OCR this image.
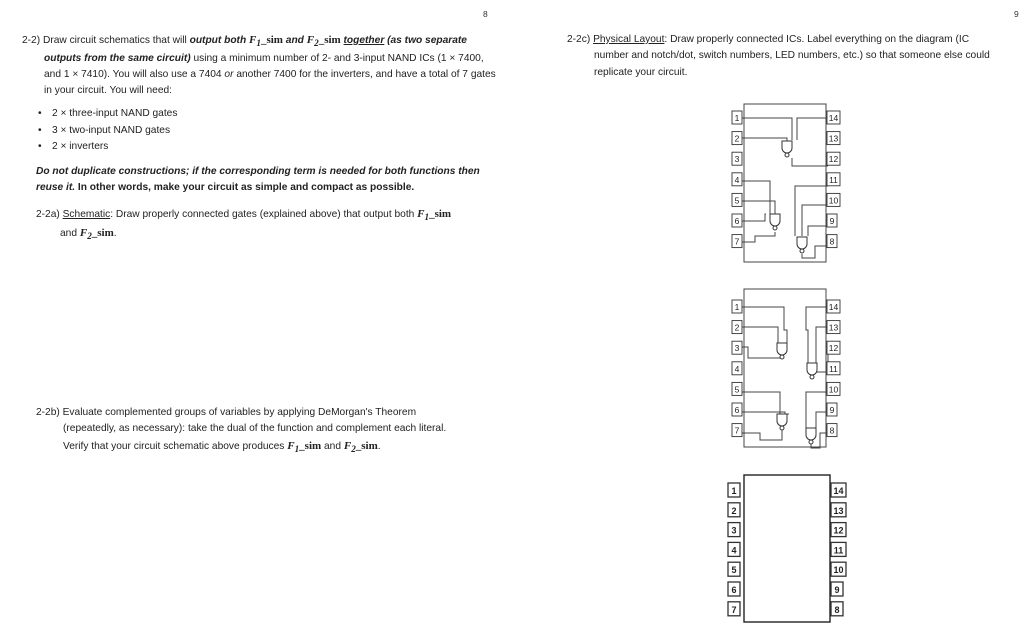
8
2-2) Draw circuit schematics that will output both $F_1\_sim$ and $F_2\_sim$ together (as two separate outputs from the same circuit) using a minimum number of 2- and 3-input NAND ICs (1 × 7400, and 1 × 7410). You will also use a 7404 or another 7400 for the inverters, and have a total of 7 gates in your circuit. You will need:
• 2 × three-input NAND gates
• 3 × two-input NAND gates
• 2 × inverters
Do not duplicate constructions; if the corresponding term is needed for both functions then
reuse it. In other words, make your circuit as simple and compact as possible.
2-2a) Schematic: Draw properly connected gates (explained above) that output both $F_1\_sim$
and $F_2\_sim$.
2-2b) Evaluate complemented groups of variables by applying DeMorgan's Theorem
(repeatedly, as necessary): take the dual of the function and complement each literal.
Verify that your circuit schematic above produces $F_1\_sim$ and $F_2\_sim$.
9
2-2c) Physical Layout: Draw properly connected ICs. Label everything on the diagram (IC
number and notch/dot, switch numbers, LED numbers, etc.) so that someone else could
replicate your circuit.
1
2
3
4
5
6
7
14
13
12
11
10
9
8
1
2
3
4
5
6
7
14
13
12
11
10
9
8
1
2
3
4
5
6
7
14
13
12
11
10
9
8
